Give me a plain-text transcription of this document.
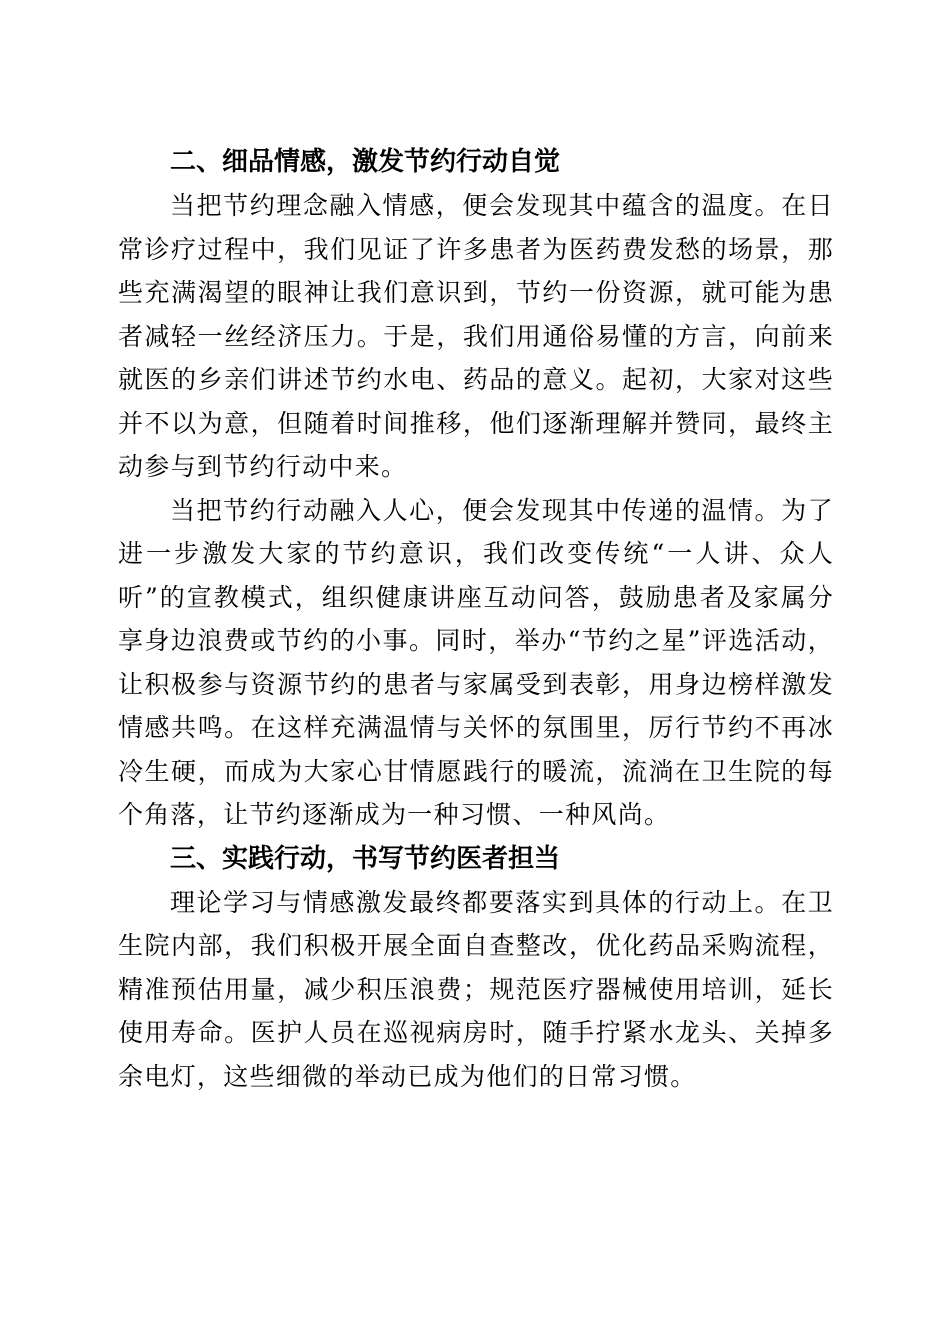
二、细品情感，激发节约行动自觉

当把节约理念融入情感，便会发现其中蕴含的温度。在日常诊疗过程中，我们见证了许多患者为医药费发愁的场景，那些充满渴望的眼神让我们意识到，节约一份资源，就可能为患者减轻一丝经济压力。于是，我们用通俗易懂的方言，向前来就医的乡亲们讲述节约水电、药品的意义。起初，大家对这些并不以为意，但随着时间推移，他们逐渐理解并赞同，最终主动参与到节约行动中来。

当把节约行动融入人心，便会发现其中传递的温情。为了进一步激发大家的节约意识，我们改变传统“一人讲、众人听”的宣教模式，组织健康讲座互动问答，鼓励患者及家属分享身边浪费或节约的小事。同时，举办“节约之星”评选活动，让积极参与资源节约的患者与家属受到表彰，用身边榜样激发情感共鸣。在这样充满温情与关怀的氛围里，厉行节约不再冰冷生硬，而成为大家心甘情愿践行的暖流，流淌在卫生院的每个角落，让节约逐渐成为一种习惯、一种风尚。

三、实践行动，书写节约医者担当

理论学习与情感激发最终都要落实到具体的行动上。在卫生院内部，我们积极开展全面自查整改，优化药品采购流程，精准预估用量，减少积压浪费；规范医疗器械使用培训，延长使用寿命。医护人员在巡视病房时，随手拧紧水龙头、关掉多余电灯，这些细微的举动已成为他们的日常习惯。
